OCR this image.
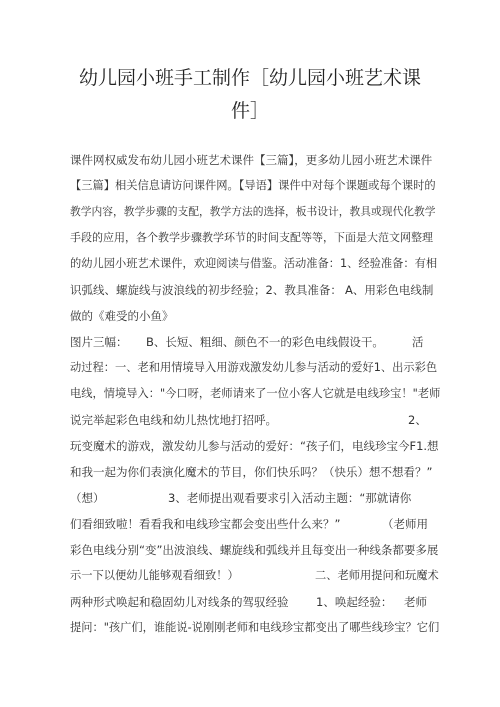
幼儿园小班手工制作［幼儿园小班艺术课
件］
课件网权威发布幼儿园小班艺术课件【三篇】，更多幼儿园小班艺术课件
【三篇】相关信息请访问课件网。【导语】课件中对每个课题或每个课时的
教学内容，教学步骤的支配，教学方法的选择，板书设计，教具或现代化教学
手段的应用，各个教学步骤教学环节的时间支配等等，下面是大范文网整理
的幼儿园小班艺术课件，欢迎阅读与借鉴。活动准备：1、经验准备：有相
识弧线、螺旋线与波浪线的初步经验；2、教具准备： A、用彩色电线制
做的《难受的小鱼》
图片三幅： B、长短、粗细、颜色不一的彩色电线假设干。 活
动过程：一、老和用情境导入用游戏激发幼儿参与活动的爱好1、出示彩色
电线，情境导入："今口呀，老师请来了一位小客人它就是电线珍宝！"老师
说完举起彩色电线和幼儿热忱地打招呼。	2、
玩变魔术的游戏，激发幼儿参与活动的爱好：“孩子们，电线珍宝今F1.想
和我一起为你们表演化魔术的节目，你们快乐吗？（快乐）想不想看？”
（想）	3、老师提出观看要求引入活动主题：“那就请你
们看细致啦！看看我和电线珍宝都会变出些什么来？”	（老师用
彩色电线分别“变”出波浪线、螺旋线和弧线并且每变出一种线条都要多展
示一下以便幼儿能够观看细致！）	二、老师用提问和玩魔术
两种形式唤起和稳固幼儿对线条的驾驭经验 1、唤起经验： 老师
提问："孩广们，谁能说-说刚刚老师和电线珍宝都变出了哪些线珍宝？它们
